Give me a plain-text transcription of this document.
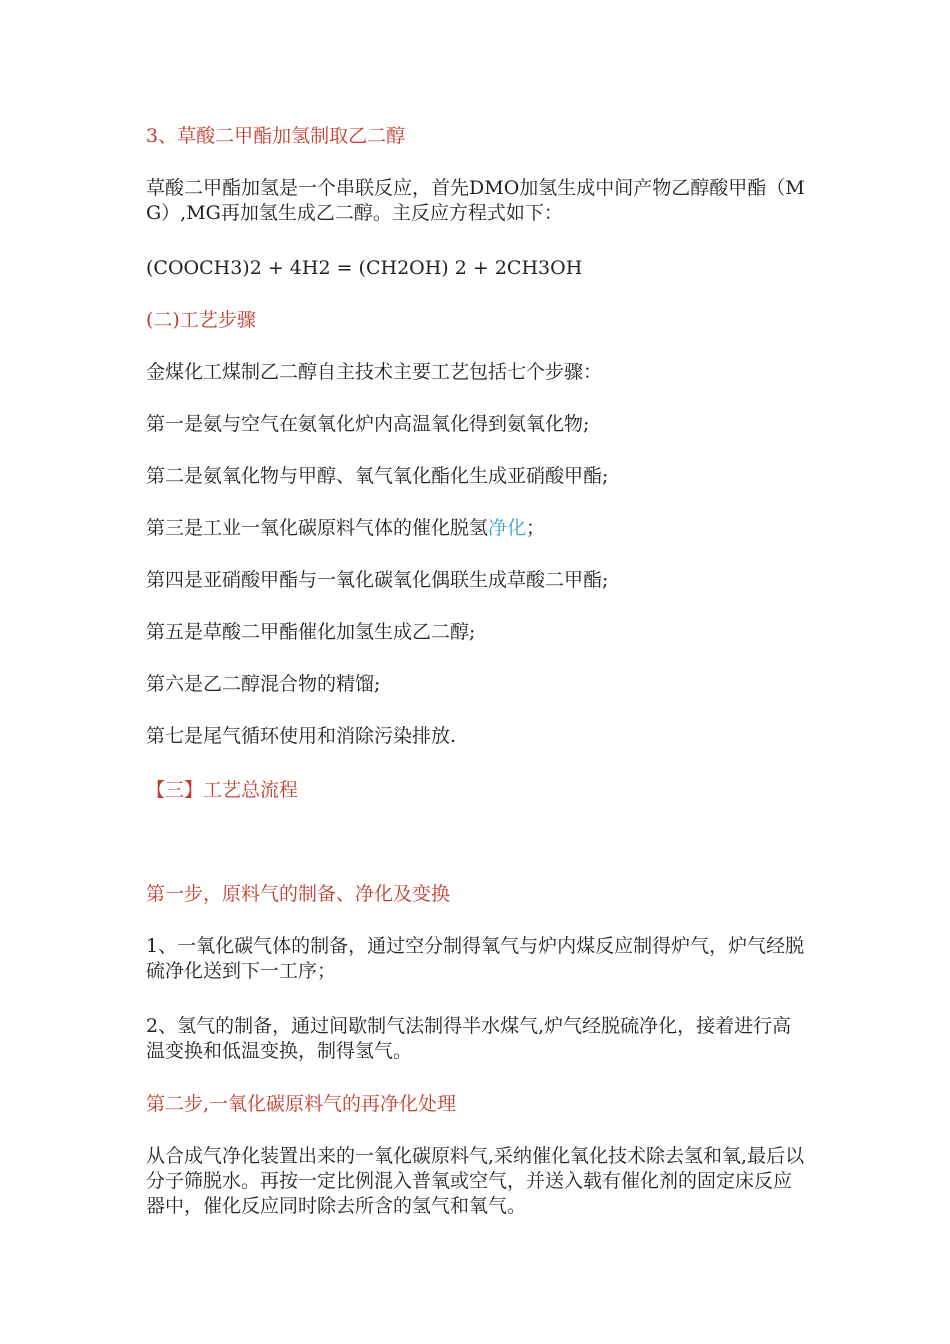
3、草酸二甲酯加氢制取乙二醇

草酸二甲酯加氢是一个串联反应，首先DMO加氢生成中间产物乙醇酸甲酯（MG）,MG再加氢生成乙二醇。主反应方程式如下：

(COOCH3)2 + 4H2 = (CH2OH) 2 + 2CH3OH

(二)工艺步骤

金煤化工煤制乙二醇自主技术主要工艺包括七个步骤：

第一是氨与空气在氨氧化炉内高温氧化得到氨氧化物;

第二是氨氧化物与甲醇、氧气氧化酯化生成亚硝酸甲酯;

第三是工业一氧化碳原料气体的催化脱氢净化；

第四是亚硝酸甲酯与一氧化碳氧化偶联生成草酸二甲酯;

第五是草酸二甲酯催化加氢生成乙二醇;

第六是乙二醇混合物的精馏;

第七是尾气循环使用和消除污染排放.

【三】工艺总流程

第一步，原料气的制备、净化及变换

1、一氧化碳气体的制备，通过空分制得氧气与炉内煤反应制得炉气，炉气经脱硫净化送到下一工序；

2、氢气的制备，通过间歇制气法制得半水煤气,炉气经脱硫净化，接着进行高温变换和低温变换，制得氢气。

第二步,一氧化碳原料气的再净化处理

从合成气净化装置出来的一氧化碳原料气,采纳催化氧化技术除去氢和氧,最后以分子筛脱水。再按一定比例混入普氧或空气，并送入载有催化剂的固定床反应器中，催化反应同时除去所含的氢气和氧气。
